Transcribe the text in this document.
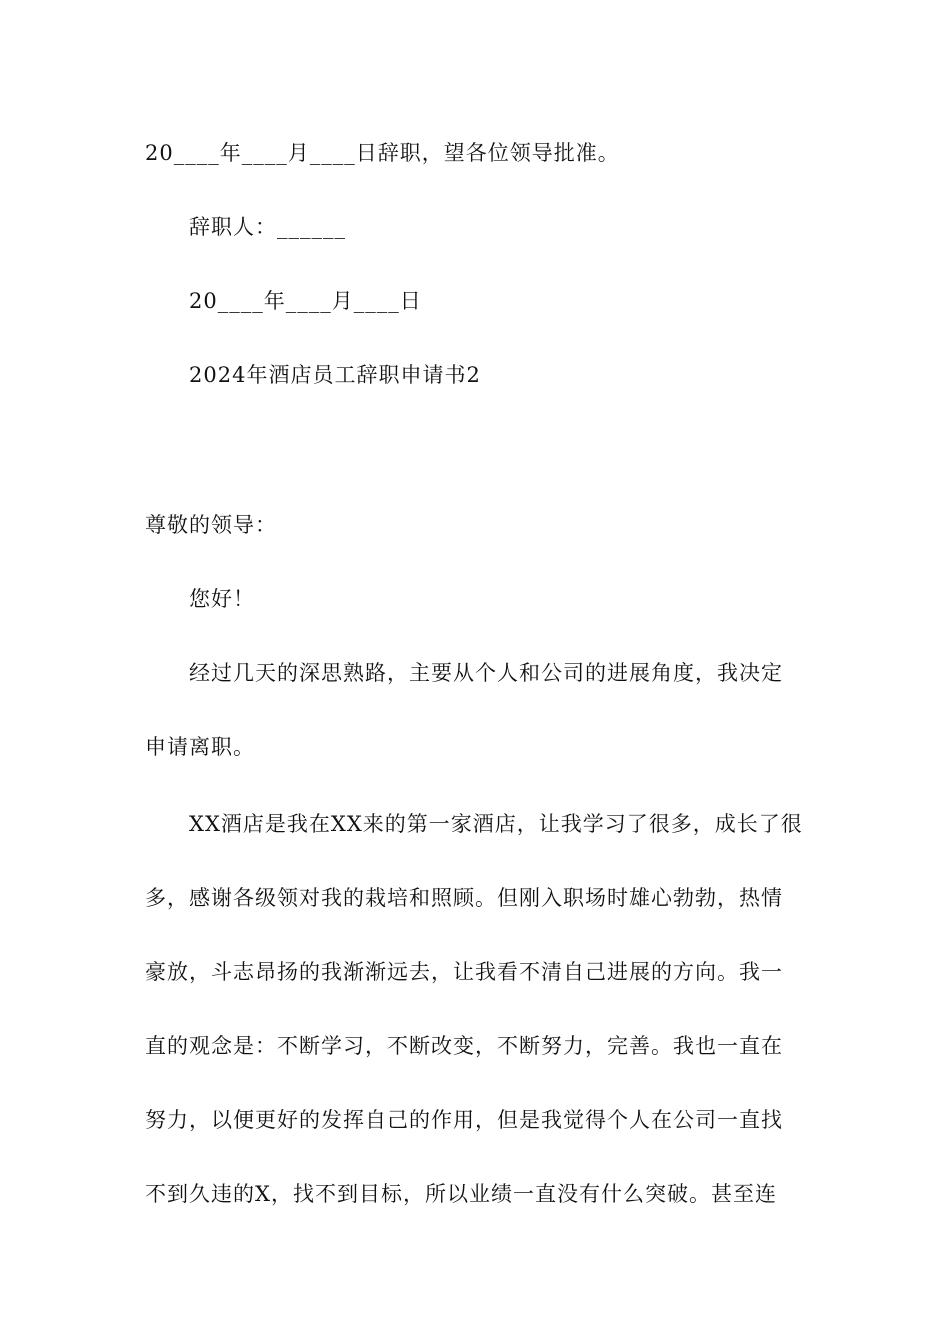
20____年____月____日辞职，望各位领导批准。
辞职人：______
20____年____月____日
2024年酒店员工辞职申请书2
尊敬的领导：
您好！
经过几天的深思熟路，主要从个人和公司的进展角度，我决定
申请离职。
XX酒店是我在XX来的第一家酒店，让我学习了很多，成长了很
多，感谢各级领对我的栽培和照顾。但刚入职场时雄心勃勃，热情
豪放，斗志昂扬的我渐渐远去，让我看不清自己进展的方向。我一
直的观念是：不断学习，不断改变，不断努力，完善。我也一直在
努力，以便更好的发挥自己的作用，但是我觉得个人在公司一直找
不到久违的X，找不到目标，所以业绩一直没有什么突破。甚至连
